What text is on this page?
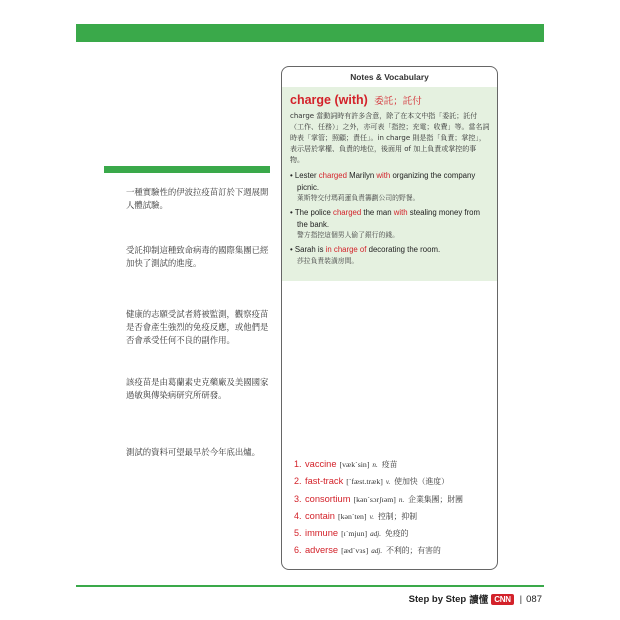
一種實驗性的伊波拉疫苗訂於下週展開人體試驗。
受託抑制這種致命病毒的國際集團已經加快了測試的進度。
健康的志願受試者將被監測，觀察疫苗是否會產生強烈的免疫反應，或他們是否會承受任何不良的副作用。
該疫苗是由葛蘭素史克藥廠及美國國家過敏與傳染病研究所研發。
測試的資料可望最早於今年底出爐。
Notes & Vocabulary
charge (with) 委託；託付
charge 當動詞時有許多含意，除了在本文中指「委託；託付（工作、任務）」之外，亦可表「指控；充電；收費」等。當名詞時表「掌管；照顧；責任」。in charge 則是指「負責；掌控」，表示居於掌權、負責的地位，後面用 of 加上負責或掌控的事物。
• Lester charged Marilyn with organizing the company picnic.
萊斯特交付瑪莉蓮負責籌劃公司的野餐。
• The police charged the man with stealing money from the bank.
警方指控這個男人偷了銀行的錢。
• Sarah is in charge of decorating the room.
莎拉負責裝潢房間。
1. vaccine [vækˋsin] n. 疫苗
2. fast-track [ˋfæst.træk] v. 使加快（進度）
3. consortium [kənˋsɔrʃɪəm] n. 企業集團；財團
4. contain [kənˋten] v. 控制；抑制
5. immune [ɪˋmjun] adj. 免疫的
6. adverse [ædˋvɜs] adj. 不利的；有害的
Step by Step 讀懂 CNN | 087
